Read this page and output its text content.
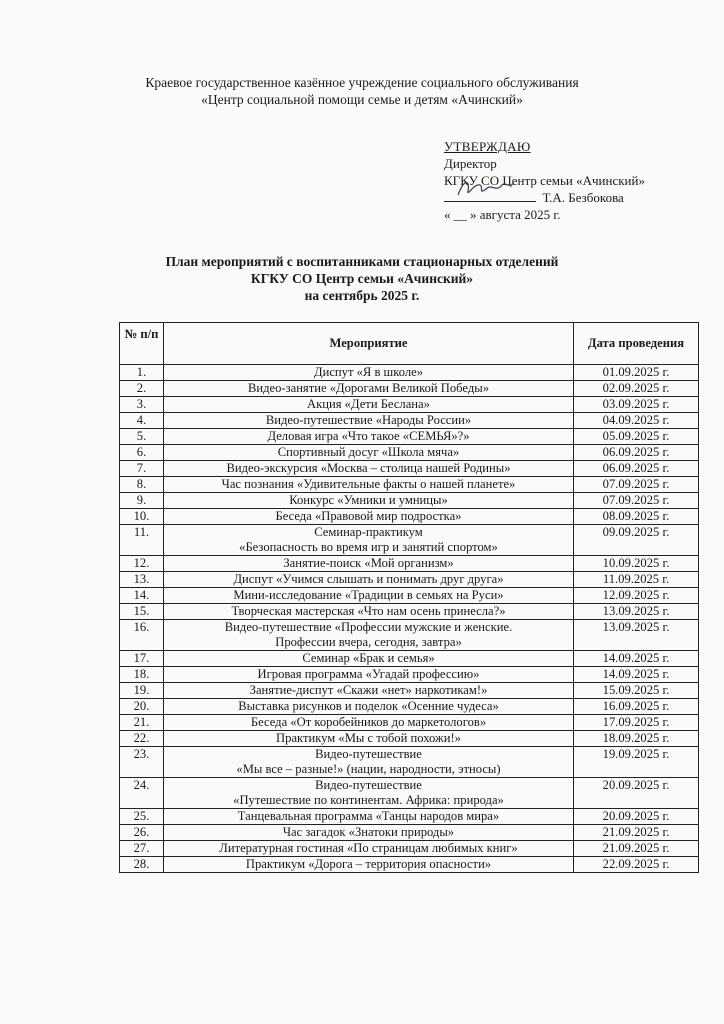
Краевое государственное казённое учреждение социального обслуживания
«Центр социальной помощи семье и детям «Ачинский»
УТВЕРЖДАЮ
Директор
КГКУ СО Центр семьи «Ачинский»
Т.А. Безбокова
« __ » августа 2025 г.
План мероприятий с воспитанниками стационарных отделений
КГКУ СО Центр семьи «Ачинский»
на сентябрь 2025 г.
№ п/п	Мероприятие	Дата проведения
1.	Диспут «Я в школе»	01.09.2025 г.
2.	Видео-занятие «Дорогами Великой Победы»	02.09.2025 г.
3.	Акция «Дети Беслана»	03.09.2025 г.
4.	Видео-путешествие «Народы России»	04.09.2025 г.
5.	Деловая игра «Что такое «СЕМЬЯ»?»	05.09.2025 г.
6.	Спортивный досуг «Школа мяча»	06.09.2025 г.
7.	Видео-экскурсия «Москва – столица нашей Родины»	06.09.2025 г.
8.	Час познания «Удивительные факты о нашей планете»	07.09.2025 г.
9.	Конкурс «Умники и умницы»	07.09.2025 г.
10.	Беседа «Правовой мир подростка»	08.09.2025 г.
11.	Семинар-практикум
«Безопасность во время игр и занятий спортом»	09.09.2025 г.
12.	Занятие-поиск «Мой организм»	10.09.2025 г.
13.	Диспут «Учимся слышать и понимать друг друга»	11.09.2025 г.
14.	Мини-исследование «Традиции в семьях на Руси»	12.09.2025 г.
15.	Творческая мастерская «Что нам осень принесла?»	13.09.2025 г.
16.	Видео-путешествие «Профессии мужские и женские.
Профессии вчера, сегодня, завтра»	13.09.2025 г.
17.	Семинар «Брак и семья»	14.09.2025 г.
18.	Игровая программа «Угадай профессию»	14.09.2025 г.
19.	Занятие-диспут «Скажи «нет» наркотикам!»	15.09.2025 г.
20.	Выставка рисунков и поделок «Осенние чудеса»	16.09.2025 г.
21.	Беседа «От коробейников до маркетологов»	17.09.2025 г.
22.	Практикум «Мы с тобой похожи!»	18.09.2025 г.
23.	Видео-путешествие
«Мы все – разные!» (нации, народности, этносы)	19.09.2025 г.
24.	Видео-путешествие
«Путешествие по континентам. Африка: природа»	20.09.2025 г.
25.	Танцевальная программа «Танцы народов мира»	20.09.2025 г.
26.	Час загадок «Знатоки природы»	21.09.2025 г.
27.	Литературная гостиная «По страницам любимых книг»	21.09.2025 г.
28.	Практикум «Дорога – территория опасности»	22.09.2025 г.
